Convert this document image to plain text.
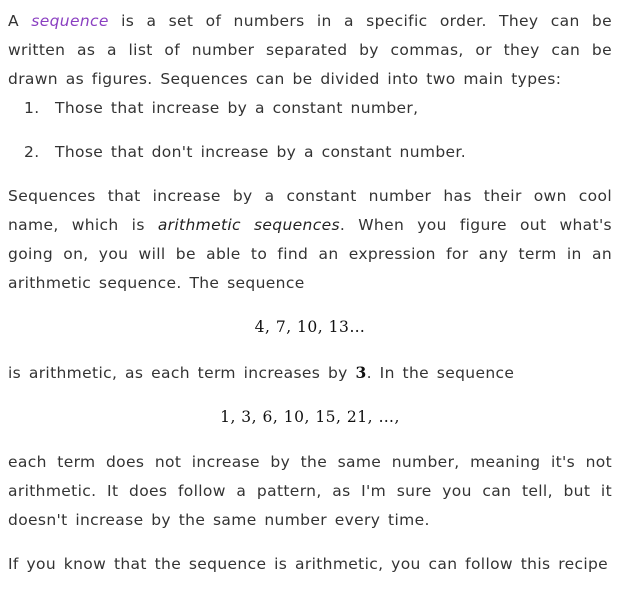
A sequence is a set of numbers in a specific order. They can be written as a list of number separated by commas, or they can be drawn as figures. Sequences can be divided into two main types:

1.	Those that increase by a constant number,
2.	Those that don't increase by a constant number.

Sequences that increase by a constant number has their own cool name, which is arithmetic sequences. When you figure out what's going on, you will be able to find an expression for any term in an arithmetic sequence. The sequence

4, 7, 10, 13…

is arithmetic, as each term increases by 3. In the sequence

1, 3, 6, 10, 15, 21, …,

each term does not increase by the same number, meaning it's not arithmetic. It does follow a pattern, as I'm sure you can tell, but it doesn't increase by the same number every time.

If you know that the sequence is arithmetic, you can follow this recipe
